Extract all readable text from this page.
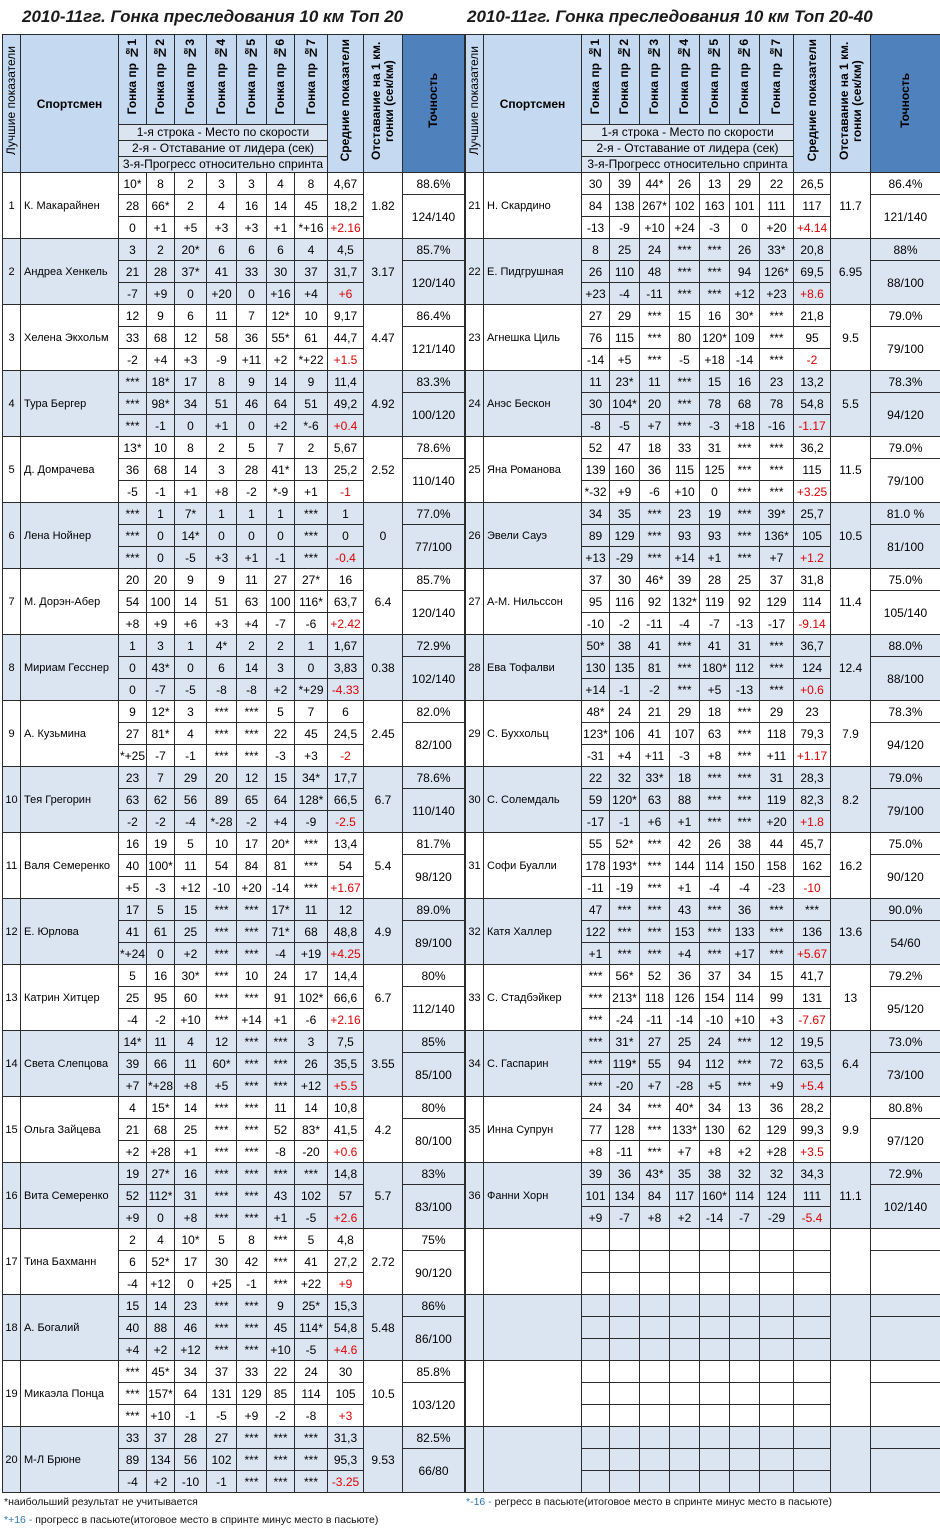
2010-11гг. Гонка преследования 10 км Топ 20
Лучшие показатели	Спортсмен	Гонка пр №1	Гонка пр №2	Гонка пр №3	Гонка пр №4	Гонка пр №5	Гонка пр №6	Гонка пр №7	Средние показатели	Отставание на 1 км. гонки (сек/км)	Точность
		1-я строка - Место по скорости									
		2-я - Отставание от лидера (сек)									
		3-я-Прогресс относительно спринта									
1	К. Макарайнен	10*	8	2	3	3	4	8	4,67	1.82	88.6%
		28	66*	2	4	16	14	45	18,2		124/140
		0	+1	+5	+3	+3	+1	*+16	+2.16		
2	Андреа Хенкель	3	2	20*	6	6	6	4	4,5	3.17	85.7%
		21	28	37*	41	33	30	37	31,7		120/140
		-7	+9	0	+20	0	+16	+4	+6		
3	Хелена Экхольм	12	9	6	11	7	12*	10	9,17	4.47	86.4%
		33	68	12	58	36	55*	61	44,7		121/140
		-2	+4	+3	-9	+11	+2	*+22	+1.5		
4	Тура Бергер	***	18*	17	8	9	14	9	11,4	4.92	83.3%
		***	98*	34	51	46	64	51	49,2		100/120
		***	-1	0	+1	0	+2	*-6	+0.4		
5	Д. Домрачева	13*	10	8	2	5	7	2	5,67	2.52	78.6%
		36	68	14	3	28	41*	13	25,2		110/140
		-5	-1	+1	+8	-2	*-9	+1	-1		
6	Лена Нойнер	***	1	7*	1	1	1	***	1	0	77.0%
		***	0	14*	0	0	0	***	0		77/100
		***	0	-5	+3	+1	-1	***	-0.4		
7	М. Дорэн-Абер	20	20	9	9	11	27	27*	16	6.4	85.7%
		54	100	14	51	63	100	116*	63,7		120/140
		+8	+9	+6	+3	+4	-7	-6	+2.42		
8	Мириам Гесснер	1	3	1	4*	2	2	1	1,67	0.38	72.9%
		0	43*	0	6	14	3	0	3,83		102/140
		0	-7	-5	-8	-8	+2	*+29	-4.33		
9	А. Кузьмина	9	12*	3	***	***	5	7	6	2.45	82.0%
		27	81*	4	***	***	22	45	24,5		82/100
		*+25	-7	-1	***	***	-3	+3	-2		
10	Тея Грегорин	23	7	29	20	12	15	34*	17,7	6.7	78.6%
		63	62	56	89	65	64	128*	66,5		110/140
		-2	-2	-4	*-28	-2	+4	-9	-2.5		
11	Валя Семеренко	16	19	5	10	17	20*	***	13,4	5.4	81.7%
		40	100*	11	54	84	81	***	54		98/120
		+5	-3	+12	-10	+20	-14	***	+1.67		
12	Е. Юрлова	17	5	15	***	***	17*	11	12	4.9	89.0%
		41	61	25	***	***	71*	68	48,8		89/100
		*+24	0	+2	***	***	-4	+19	+4.25		
13	Катрин Хитцер	5	16	30*	***	10	24	17	14,4	6.7	80%
		25	95	60	***	***	91	102*	66,6		112/140
		-4	-2	+10	***	+14	+1	-6	+2.16		
14	Света Слепцова	14*	11	4	12	***	***	3	7,5	3.55	85%
		39	66	11	60*	***	***	26	35,5		85/100
		+7	*+28	+8	+5	***	***	+12	+5.5		
15	Ольга Зайцева	4	15*	14	***	***	11	14	10,8	4.2	80%
		21	68	25	***	***	52	83*	41,5		80/100
		+2	+28	+1	***	***	-8	-20	+0.6		
16	Вита Семеренко	19	27*	16	***	***	***	***	14,8	5.7	83%
		52	112*	31	***	***	43	102	57		83/100
		+9	0	+8	***	***	+1	-5	+2.6		
17	Тина Бахманн	2	4	10*	5	8	***	5	4,8	2.72	75%
		6	52*	17	30	42	***	41	27,2		90/120
		-4	+12	0	+25	-1	***	+22	+9		
18	А. Богалий	15	14	23	***	***	9	25*	15,3	5.48	86%
		40	88	46	***	***	45	114*	54,8		86/100
		+4	+2	+12	***	***	+10	-5	+4.6		
19	Микаэла Понца	***	45*	34	37	33	22	24	30	10.5	85.8%
		***	157*	64	131	129	85	114	105		103/120
		***	+10	-1	-5	+9	-2	-8	+3		
20	М-Л Брюне	33	37	28	27	***	***	***	31,3	9.53	82.5%
		89	134	56	102	***	***	***	95,3		66/80
		-4	+2	-10	-1	***	***	***	-3.25		
2010-11гг. Гонка преследования 10 км Топ 20-40
Лучшие показатели	Спортсмен	Гонка пр №1	Гонка пр №2	Гонка пр №3	Гонка пр №4	Гонка пр №5	Гонка пр №6	Гонка пр №7	Средние показатели	Отставание на 1 км. гонки (сек/км)	Точность
		1-я строка - Место по скорости									
		2-я - Отставание от лидера (сек)									
		3-я-Прогресс относительно спринта									
21	Н. Скардино	30	39	44*	26	13	29	22	26,5	11.7	86.4%
		84	138	267*	102	163	101	111	117		121/140
		-13	-9	+10	+24	-3	0	+20	+4.14		
22	Е. Пидгрушная	8	25	24	***	***	26	33*	20,8	6.95	88%
		26	110	48	***	***	94	126*	69,5		88/100
		+23	-4	-11	***	***	+12	+23	+8.6		
23	Агнешка Циль	27	29	***	15	16	30*	***	21,8	9.5	79.0%
		76	115	***	80	120*	109	***	95		79/100
		-14	+5	***	-5	+18	-14	***	-2		
24	Анэс Бескон	11	23*	11	***	15	16	23	13,2	5.5	78.3%
		30	104*	20	***	78	68	78	54,8		94/120
		-8	-5	+7	***	-3	+18	-16	-1.17		
25	Яна Романова	52	47	18	33	31	***	***	36,2	11.5	79.0%
		139	160	36	115	125	***	***	115		79/100
		*-32	+9	-6	+10	0	***	***	+3.25		
26	Эвели Сауэ	34	35	***	23	19	***	39*	25,7	10.5	81.0 %
		89	129	***	93	93	***	136*	105		81/100
		+13	-29	***	+14	+1	***	+7	+1.2		
27	А-М. Нильссон	37	30	46*	39	28	25	37	31,8	11.4	75.0%
		95	116	92	132*	119	92	129	114		105/140
		-10	-2	-11	-4	-7	-13	-17	-9.14		
28	Ева Тофалви	50*	38	41	***	41	31	***	36,7	12.4	88.0%
		130	135	81	***	180*	112	***	124		88/100
		+14	-1	-2	***	+5	-13	***	+0.6		
29	С. Буххольц	48*	24	21	29	18	***	29	23	7.9	78.3%
		123*	106	41	107	63	***	118	79,3		94/120
		-31	+4	+11	-3	+8	***	+11	+1.17		
30	С. Солемдаль	22	32	33*	18	***	***	31	28,3	8.2	79.0%
		59	120*	63	88	***	***	119	82,3		79/100
		-17	-1	+6	+1	***	***	+20	+1.8		
31	Софи Буалли	55	52*	***	42	26	38	44	45,7	16.2	75.0%
		178	193*	***	144	114	150	158	162		90/120
		-11	-19	***	+1	-4	-4	-23	-10		
32	Катя Халлер	47	***	***	43	***	36	***	***	13.6	90.0%
		122	***	***	153	***	133	***	136		54/60
		+1	***	***	+4	***	+17	***	+5.67		
33	С. Стадбэйкер	***	56*	52	36	37	34	15	41,7	13	79.2%
		***	213*	118	126	154	114	99	131		95/120
		***	-24	-11	-14	-10	+10	+3	-7.67		
34	С. Гаспарин	***	31*	27	25	24	***	12	19,5	6.4	73.0%
		***	119*	55	94	112	***	72	63,5		73/100
		***	-20	+7	-28	+5	***	+9	+5.4		
35	Инна Супрун	24	34	***	40*	34	13	36	28,2	9.9	80.8%
		77	128	***	133*	130	62	129	99,3		97/120
		+8	-11	***	+7	+8	+2	+28	+3.5		
36	Фанни Хорн	39	36	43*	35	38	32	32	34,3	11.1	72.9%
		101	134	84	117	160*	114	124	111		102/140
		+9	-7	+8	+2	-14	-7	-29	-5.4		

*наибольший результат не учитывается
*+16 - прогресс в пасьюте(итоговое место в спринте минус место в пасьюте)
*-16 - регресс в пасьюте(итоговое место в спринте минус место в пасьюте)
